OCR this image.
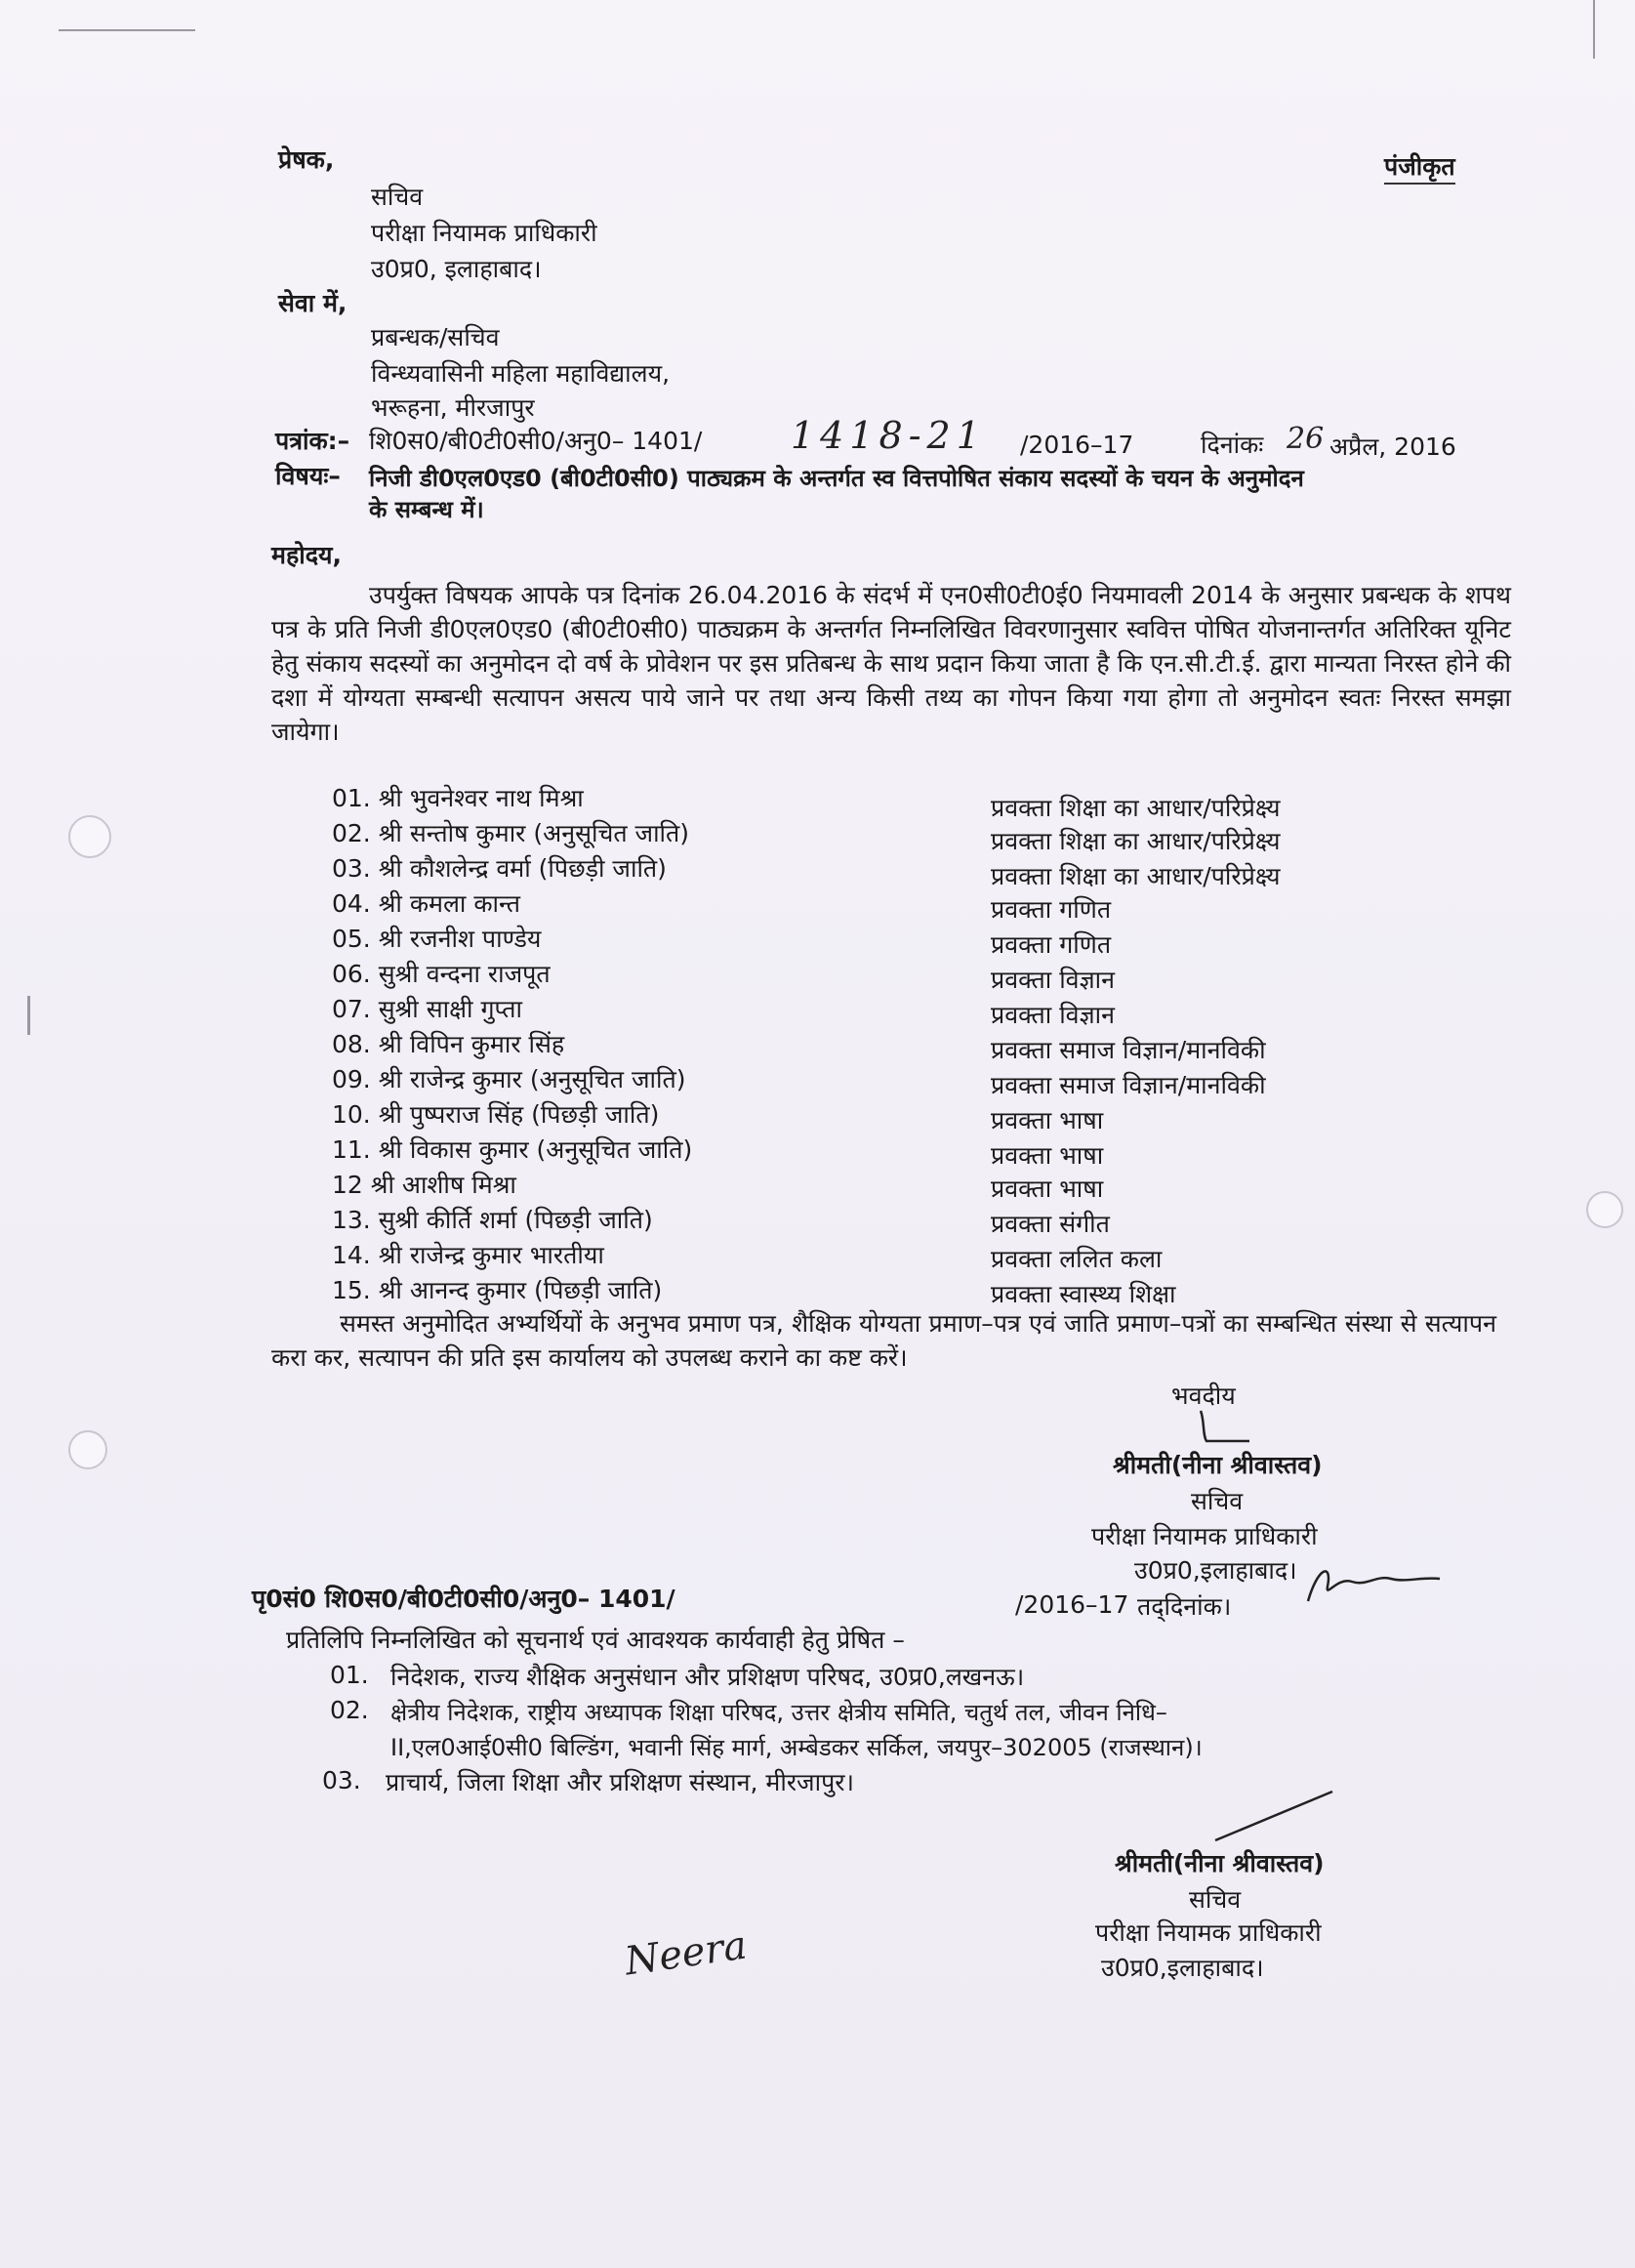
प्रेषक,	पंजीकृत
सचिव
परीक्षा नियामक प्राधिकारी
उ0प्र0, इलाहाबाद।
सेवा में,
प्रबन्धक/सचिव
विन्ध्यवासिनी महिला महाविद्यालय,
भरूहना, मीरजापुर
पत्रांक:– शि0स0/बी0टी0सी0/अनु0– 1401/ 1418-21 /2016–17	दिनांकः 26 अप्रैल, 2016
विषयः– निजी डी0एल0एड0 (बी0टी0सी0) पाठ्यक्रम के अन्तर्गत स्व वित्तपोषित संकाय सदस्यों के चयन के अनुमोदन
के सम्बन्ध में।
महोदय,
उपर्युक्त विषयक आपके पत्र दिनांक 26.04.2016 के संदर्भ में एन0सी0टी0ई0 नियमावली 2014 के अनुसार प्रबन्धक के शपथ पत्र के प्रति निजी डी0एल0एड0 (बी0टी0सी0) पाठ्यक्रम के अन्तर्गत निम्नलिखित विवरणानुसार स्ववित्त पोषित योजनान्तर्गत अतिरिक्त यूनिट हेतु संकाय सदस्यों का अनुमोदन दो वर्ष के प्रोवेशन पर इस प्रतिबन्ध के साथ प्रदान किया जाता है कि एन.सी.टी.ई. द्वारा मान्यता निरस्त होने की दशा में योग्यता सम्बन्धी सत्यापन असत्य पाये जाने पर तथा अन्य किसी तथ्य का गोपन किया गया होगा तो अनुमोदन स्वतः निरस्त समझा जायेगा।
01. श्री भुवनेश्वर नाथ मिश्रा	प्रवक्ता शिक्षा का आधार/परिप्रेक्ष्य
02. श्री सन्तोष कुमार (अनुसूचित जाति)	प्रवक्ता शिक्षा का आधार/परिप्रेक्ष्य
03. श्री कौशलेन्द्र वर्मा (पिछड़ी जाति)	प्रवक्ता शिक्षा का आधार/परिप्रेक्ष्य
04. श्री कमला कान्त	प्रवक्ता गणित
05. श्री रजनीश पाण्डेय	प्रवक्ता गणित
06. सुश्री वन्दना राजपूत	प्रवक्ता विज्ञान
07. सुश्री साक्षी गुप्ता	प्रवक्ता विज्ञान
08. श्री विपिन कुमार सिंह	प्रवक्ता समाज विज्ञान/मानविकी
09. श्री राजेन्द्र कुमार (अनुसूचित जाति)	प्रवक्ता समाज विज्ञान/मानविकी
10. श्री पुष्पराज सिंह (पिछड़ी जाति)	प्रवक्ता भाषा
11. श्री विकास कुमार (अनुसूचित जाति)	प्रवक्ता भाषा
12 श्री आशीष मिश्रा	प्रवक्ता भाषा
13. सुश्री कीर्ति शर्मा (पिछड़ी जाति)	प्रवक्ता संगीत
14. श्री राजेन्द्र कुमार भारतीया	प्रवक्ता ललित कला
15. श्री आनन्द कुमार (पिछड़ी जाति)	प्रवक्ता स्वास्थ्य शिक्षा
समस्त अनुमोदित अभ्यर्थियों के अनुभव प्रमाण पत्र, शैक्षिक योग्यता प्रमाण–पत्र एवं जाति प्रमाण–पत्रों का सम्बन्धित संस्था से सत्यापन करा कर, सत्यापन की प्रति इस कार्यालय को उपलब्ध कराने का कष्ट करें।
भवदीय
श्रीमती(नीना श्रीवास्तव)
सचिव
परीक्षा नियामक प्राधिकारी
उ0प्र0,इलाहाबाद।
पृ0सं0 शि0स0/बी0टी0सी0/अनु0– 1401/	/2016–17 तद्‌दिनांक।
प्रतिलिपि निम्नलिखित को सूचनार्थ एवं आवश्यक कार्यवाही हेतु प्रेषित –
01. निदेशक, राज्य शैक्षिक अनुसंधान और प्रशिक्षण परिषद, उ0प्र0,लखनऊ।
02. क्षेत्रीय निदेशक, राष्ट्रीय अध्यापक शिक्षा परिषद, उत्तर क्षेत्रीय समिति, चतुर्थ तल, जीवन निधि–
II,एल0आई0सी0 बिल्डिंग, भवानी सिंह मार्ग, अम्बेडकर सर्किल, जयपुर–302005 (राजस्थान)।
03. प्राचार्य, जिला शिक्षा और प्रशिक्षण संस्थान, मीरजापुर।
श्रीमती(नीना श्रीवास्तव)
सचिव
परीक्षा नियामक प्राधिकारी
उ0प्र0,इलाहाबाद।
Neera
